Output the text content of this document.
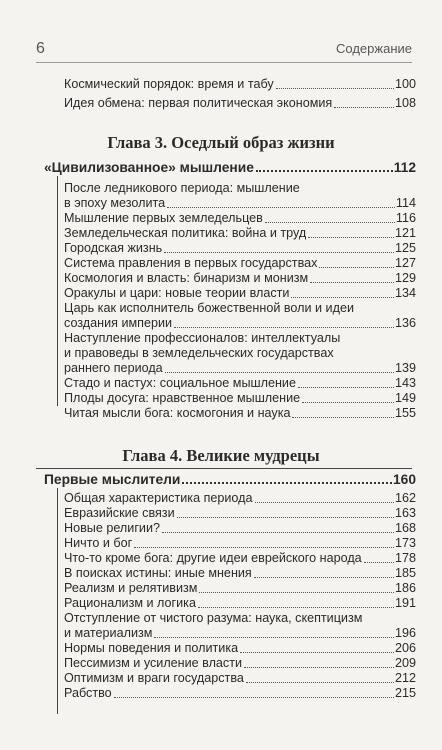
6	Содержание
Космический порядок: время и табу	100
Идея обмена: первая политическая экономия	108
Глава 3. Оседлый образ жизни
«Цивилизованное» мышление	112
После ледникового периода: мышление
в эпоху мезолита	114
Мышление первых земледельцев	116
Земледельческая политика: война и труд	121
Городская жизнь	125
Система правления в первых государствах	127
Космология и власть: бинаризм и монизм	129
Оракулы и цари: новые теории власти	134
Царь как исполнитель божественной воли и идеи
создания империи	136
Наступление профессионалов: интеллектуалы
и правоведы в земледельческих государствах
раннего периода	139
Стадо и пастух: социальное мышление	143
Плоды досуга: нравственное мышление	149
Читая мысли бога: космогония и наука	155
Глава 4. Великие мудрецы
Первые мыслители	160
Общая характеристика периода	162
Евразийские связи	163
Новые религии?	168
Ничто и бог	173
Что-то кроме бога: другие идеи еврейского народа	178
В поисках истины: иные мнения	185
Реализм и релятивизм	186
Рационализм и логика	191
Отступление от чистого разума: наука, скептицизм
и материализм	196
Нормы поведения и политика	206
Пессимизм и усиление власти	209
Оптимизм и враги государства	212
Рабство	215
